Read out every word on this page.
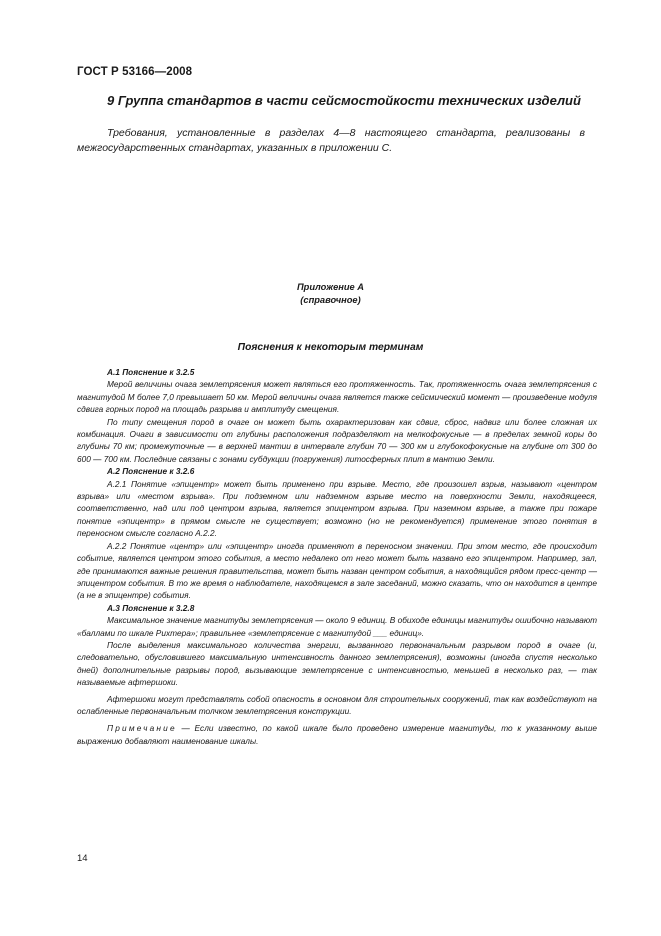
ГОСТ Р 53166—2008
9 Группа стандартов в части сейсмостойкости технических изделий

Требования, установленные в разделах 4—8 настоящего стандарта, реализованы в межгосударственных стандартах, указанных в приложении С.

Приложение А
(справочное)
Пояснения к некоторым терминам

А.1 Пояснение к 3.2.5

Мерой величины очага землетрясения может являться его протяженность. Так, протяженность очага землетрясения с магнитудой М более 7,0 превышает 50 км. Мерой величины очага является также сейсмический момент — произведение модуля сдвига горных пород на площадь разрыва и амплитуду смещения.

По типу смещения пород в очаге он может быть охарактеризован как сдвиг, сброс, надвиг или более сложная их комбинация. Очаги в зависимости от глубины расположения подразделяют на мелкофокусные — в пределах земной коры до глубины 70 км; промежуточные — в верхней мантии в интервале глубин 70 — 300 км и глубокофокусные на глубине от 300 до 600 — 700 км. Последние связаны с зонами субдукции (погружения) литосферных плит в мантию Земли.

А.2 Пояснение к 3.2.6

А.2.1 Понятие «эпицентр» может быть применено при взрыве. Место, где произошел взрыв, называют «центром взрыва» или «местом взрыва». При подземном или надземном взрыве место на поверхности Земли, находящееся, соответственно, над или под центром взрыва, является эпицентром взрыва. При наземном взрыве, а также при пожаре понятие «эпицентр» в прямом смысле не существует; возможно (но не рекомендуется) применение этого понятия в переносном смысле согласно А.2.2.

А.2.2 Понятие «центр» или «эпицентр» иногда применяют в переносном значении. При этом место, где происходит событие, является центром этого события, а место недалеко от него может быть названо его эпицентром. Например, зал, где принимаются важные решения правительства, может быть назван центром события, а находящийся рядом пресс-центр — эпицентром события. В то же время о наблюдателе, находящемся в зале заседаний, можно сказать, что он находится в центре (а не в эпицентре) события.

А.3 Пояснение к 3.2.8

Максимальное значение магнитуды землетрясения — около 9 единиц. В обиходе единицы магнитуды ошибочно называют «баллами по шкале Рихтера»; правильнее «землетрясение с магнитудой ___ единиц».

После выделения максимального количества энергии, вызванного первоначальным разрывом пород в очаге (и, следовательно, обусловившего максимальную интенсивность данного землетрясения), возможны (иногда спустя несколько дней) дополнительные разрывы пород, вызывающие землетрясение с интенсивностью, меньшей в несколько раз, — так называемые афтершоки.

Афтершоки могут представлять собой опасность в основном для строительных сооружений, так как воздействуют на ослабленные первоначальным толчком землетрясения конструкции.

Примечание — Если известно, по какой шкале было проведено измерение магнитуды, то к указанному выше выражению добавляют наименование шкалы.

14
